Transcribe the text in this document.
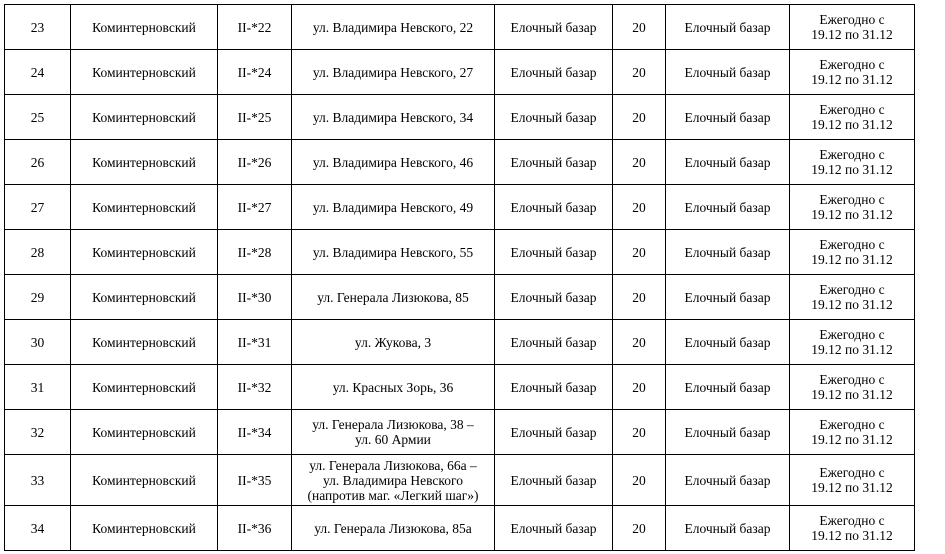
23	Коминтерновский	II-*22	ул. Владимира Невского, 22	Елочный базар	20	Елочный базар	Ежегодно с
19.12 по 31.12

24	Коминтерновский	II-*24	ул. Владимира Невского, 27	Елочный базар	20	Елочный базар	Ежегодно с
19.12 по 31.12

25	Коминтерновский	II-*25	ул. Владимира Невского, 34	Елочный базар	20	Елочный базар	Ежегодно с
19.12 по 31.12

26	Коминтерновский	II-*26	ул. Владимира Невского, 46	Елочный базар	20	Елочный базар	Ежегодно с
19.12 по 31.12

27	Коминтерновский	II-*27	ул. Владимира Невского, 49	Елочный базар	20	Елочный базар	Ежегодно с
19.12 по 31.12

28	Коминтерновский	II-*28	ул. Владимира Невского, 55	Елочный базар	20	Елочный базар	Ежегодно с
19.12 по 31.12

29	Коминтерновский	II-*30	ул. Генерала Лизюкова, 85	Елочный базар	20	Елочный базар	Ежегодно с
19.12 по 31.12

30	Коминтерновский	II-*31	ул. Жукова, 3	Елочный базар	20	Елочный базар	Ежегодно с
19.12 по 31.12

31	Коминтерновский	II-*32	ул. Красных Зорь, 36	Елочный базар	20	Елочный базар	Ежегодно с
19.12 по 31.12

32	Коминтерновский	II-*34	ул. Генерала Лизюкова, 38 –
ул. 60 Армии	Елочный базар	20	Елочный базар	Ежегодно с
19.12 по 31.12

33	Коминтерновский	II-*35	ул. Генерала Лизюкова, 66а –
ул. Владимира Невского
(напротив маг. «Легкий шаг»)	Елочный базар	20	Елочный базар	Ежегодно с
19.12 по 31.12

34	Коминтерновский	II-*36	ул. Генерала Лизюкова, 85а	Елочный базар	20	Елочный базар	Ежегодно с
19.12 по 31.12
